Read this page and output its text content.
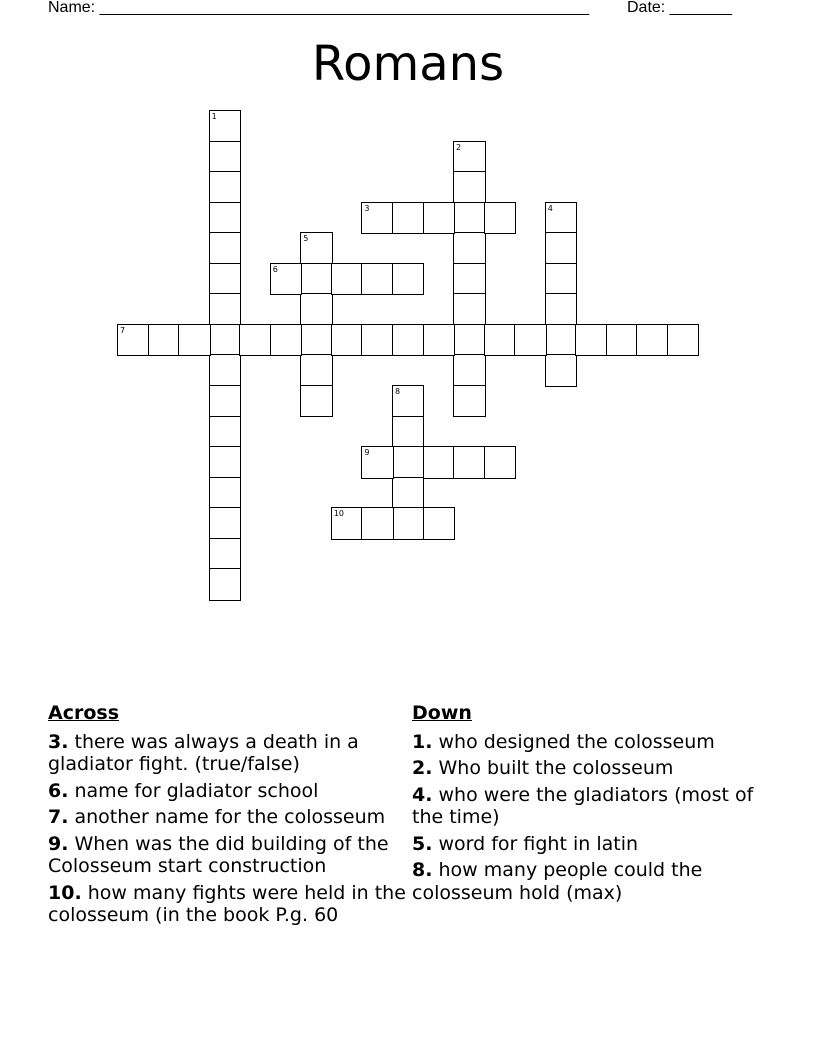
Name: _______________________________________________________ Date: _______
Romans
1
2
3	4
5
6
7
8
9
10
Across
3. there was always a death in a gladiator fight. (true/false)
6. name for gladiator school
7. another name for the colosseum
9. When was the did building of the Colosseum start construction
10. how many fights were held in the colosseum (in the book P.g. 60
Down
1. who designed the colosseum
2. Who built the colosseum
4. who were the gladiators (most of the time)
5. word for fight in latin
8. how many people could the colosseum hold (max)
